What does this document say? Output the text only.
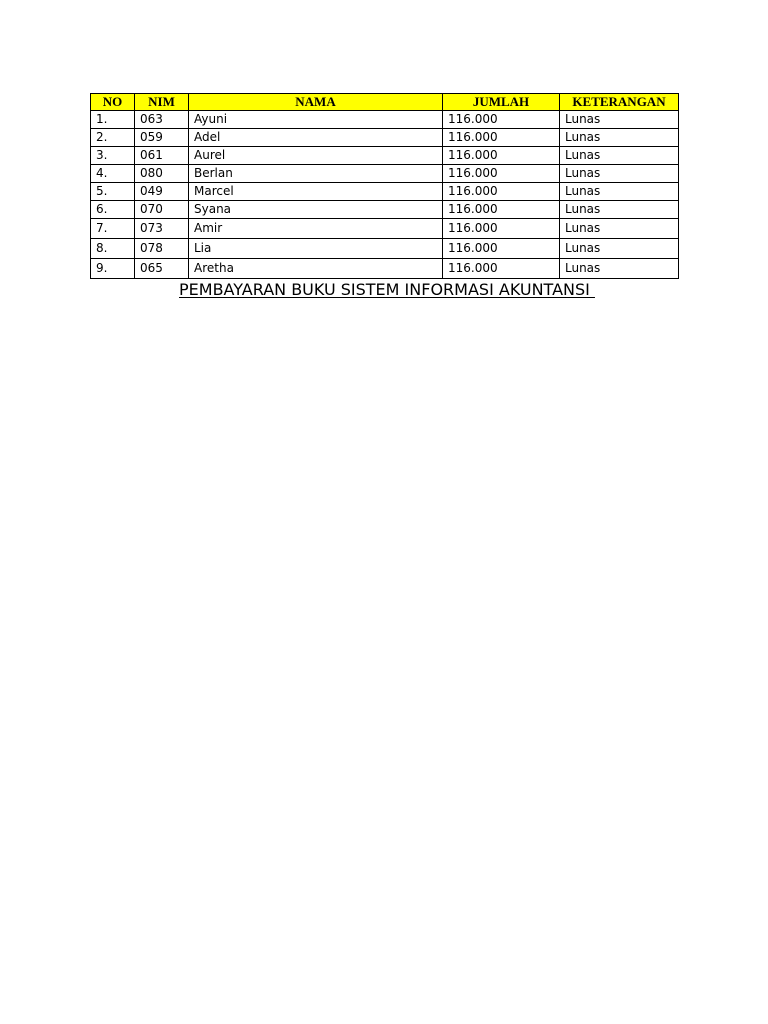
NO	NIM	NAMA	JUMLAH	KETERANGAN
1.	063	Ayuni	116.000	Lunas
2.	059	Adel	116.000	Lunas
3.	061	Aurel	116.000	Lunas
4.	080	Berlan	116.000	Lunas
5.	049	Marcel	116.000	Lunas
6.	070	Syana	116.000	Lunas
7.	073	Amir	116.000	Lunas
8.	078	Lia	116.000	Lunas
9.	065	Aretha	116.000	Lunas
PEMBAYARAN BUKU SISTEM INFORMASI AKUNTANSI
